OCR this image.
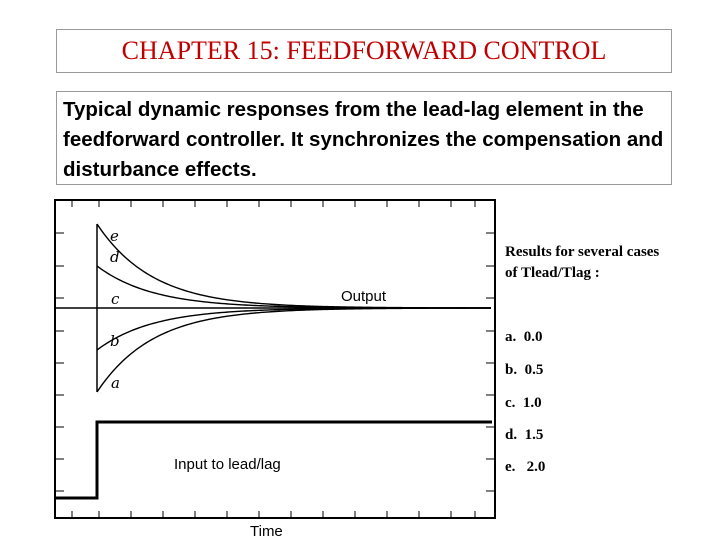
CHAPTER 15: FEEDFORWARD CONTROL
Typical dynamic responses from the lead-lag element in the feedforward controller. It synchronizes the compensation and disturbance effects.
a
b
c
d
e
Output
Input to lead/lag
Time
Results for several cases of Tlead/Tlag :
a. 0.0
b. 0.5
c. 1.0
d. 1.5
e. 2.0
